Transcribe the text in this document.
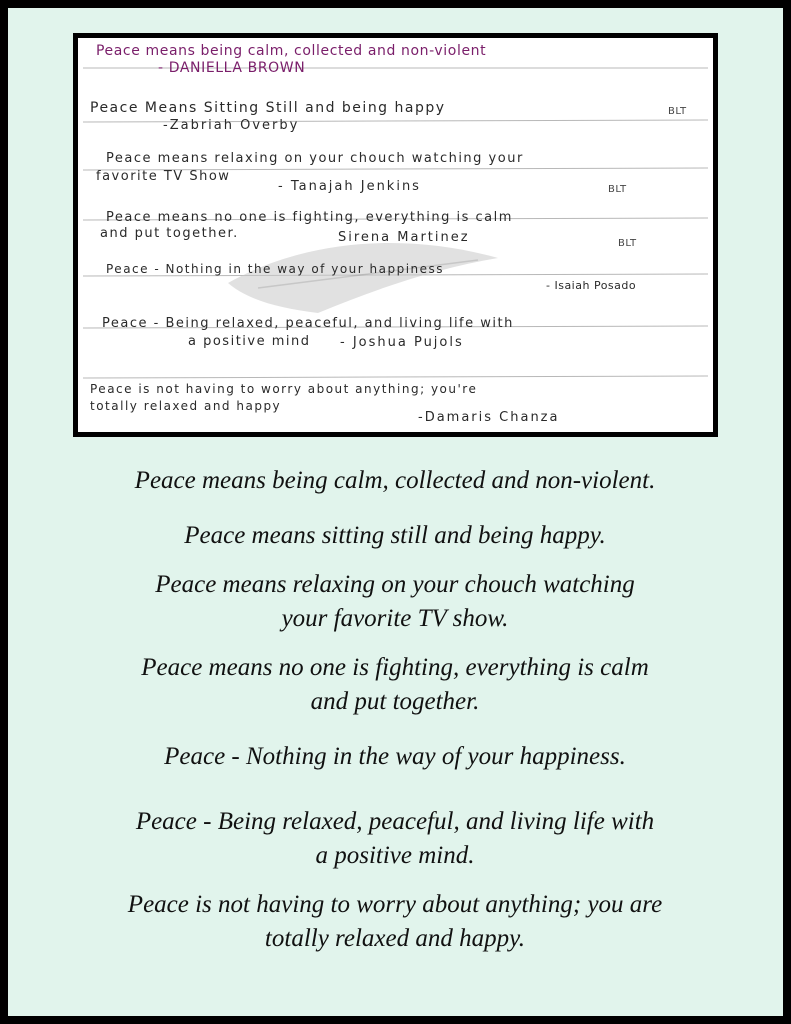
Peace means being calm, collected and non-violent
- DANIELLA BROWN
Peace Means Sitting Still and being happy
-Zabriah Overby
BLT
Peace means relaxing on your chouch watching your
favorite TV Show
- Tanajah Jenkins	BLT
Peace means no one is fighting, everything is calm
and put together.	Sirena Martinez	BLT
Peace - Nothing in the way of your happiness
- Isaiah Posado
Peace - Being relaxed, peaceful, and living life with
a positive mind - Joshua Pujols
Peace is not having to worry about anything; you're
totally relaxed and happy
-Damaris Chanza

Peace means being calm, collected and non-violent.

Peace means sitting still and being happy.

Peace means relaxing on your chouch watching
your favorite TV show.

Peace means no one is fighting, everything is calm
and put together.

Peace - Nothing in the way of your happiness.

Peace - Being relaxed, peaceful, and living life with
a positive mind.

Peace is not having to worry about anything; you are
totally relaxed and happy.
